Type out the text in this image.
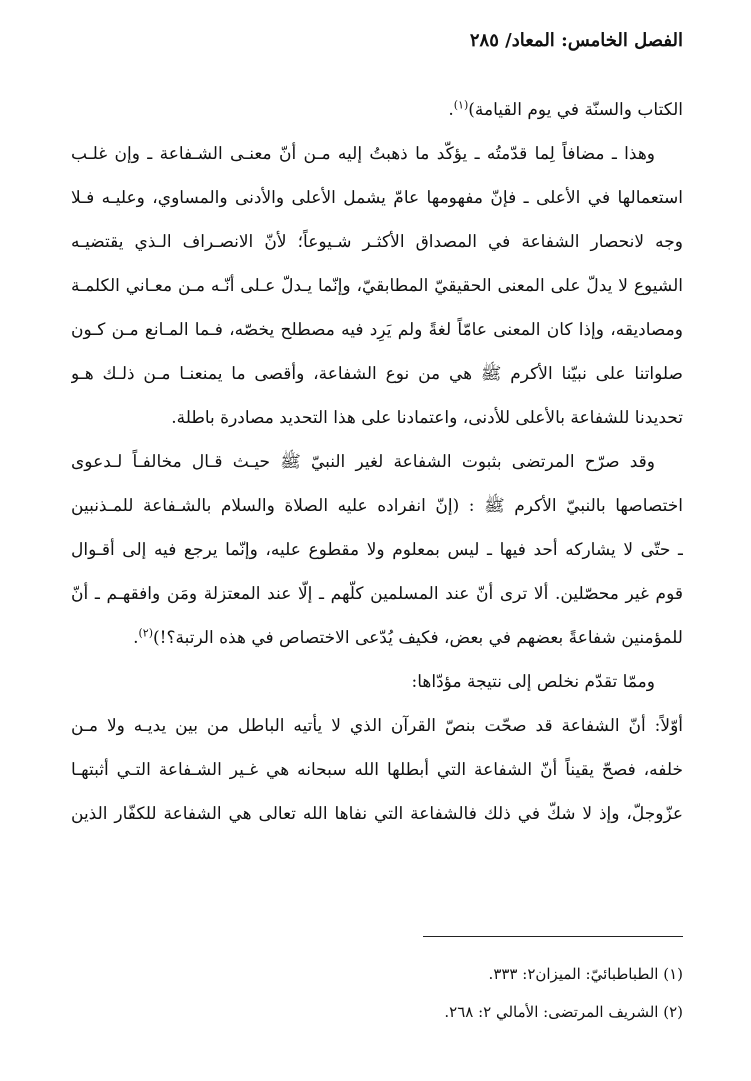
الفصل الخامس: المعاد/ ٢٨٥
الكتاب والسنّة في يوم القيامة)$^{(١)}$.
وهذا ـ مضافاً لِما قدّمتُه ـ يؤكّد ما ذهبتُ إليه مـن أنّ معنـى الشـفاعة ـ وإن غلـب
استعمالها في الأعلى ـ فإنّ مفهومها عامّ يشمل الأعلى والأدنى والمساوي، وعليـه فـلا
وجه لانحصار الشفاعة في المصداق الأكثـر شـيوعاً؛ لأنّ الانصـراف الـذي يقتضيـه
الشيوع لا يدلّ على المعنى الحقيقيّ المطابقيّ، وإنّما يـدلّ عـلى أنّـه مـن معـاني الكلمـة
ومصاديقه، وإذا كان المعنى عامّاً لغةً ولم يَرِد فيه مصطلح يخصّه، فـما المـانع مـن كـون
صلواتنا على نبيّنا الأكرم ﷺ هي من نوع الشفاعة، وأقصى ما يمنعنـا مـن ذلـك هـو
تحديدنا للشفاعة بالأعلى للأدنى، واعتمادنا على هذا التحديد مصادرة باطلة.
وقد صرّح المرتضى بثبوت الشفاعة لغير النبيّ ﷺ حيـث قـال مخالفـاً لـدعوى
اختصاصها بالنبيّ الأكرم ﷺ : (إنّ انفراده عليه الصلاة والسلام بالشـفاعة للمـذنبين
ـ حتّى لا يشاركه أحد فيها ـ ليس بمعلوم ولا مقطوع عليه، وإنّما يرجع فيه إلى أقـوال
قوم غير محصّلين. ألا ترى أنّ عند المسلمين كلّهم ـ إلّا عند المعتزلة ومَن وافقهـم ـ أنّ
للمؤمنين شفاعةً بعضهم في بعض، فكيف يُدّعى الاختصاص في هذه الرتبة؟!)$^{(٢)}$.
وممّا تقدّم نخلص إلى نتيجة مؤدّاها:
أوّلاً: أنّ الشفاعة قد صحّت بنصّ القرآن الذي لا يأتيه الباطل من بين يديـه ولا مـن
خلفه، فصحّ يقيناً أنّ الشفاعة التي أبطلها الله سبحانه هي غـير الشـفاعة التـي أثبتهـا
عزّوجلّ، وإذ لا شكّ في ذلك فالشفاعة التي نفاها الله تعالى هي الشفاعة للكفّار الذين
(١) الطباطبائيّ: الميزان٢: ٣٣٣.
(٢) الشريف المرتضى: الأمالي ٢: ٢٦٨.
